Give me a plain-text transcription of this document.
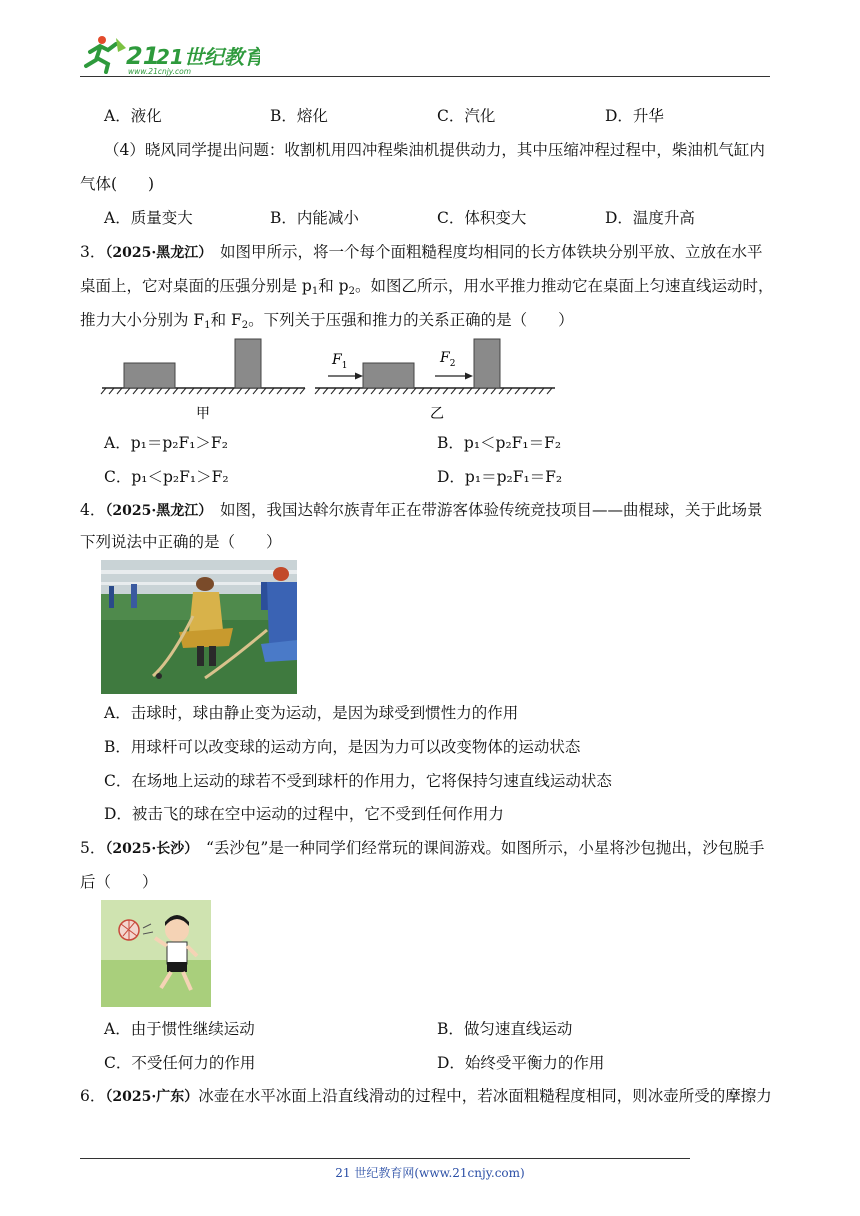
21
21世纪教育
www.21cnjy.com
A．液化	B．熔化	C．汽化	D．升华
（4）晓风同学提出问题：收割机用四冲程柴油机提供动力，其中压缩冲程过程中，柴油机气缸内
气体(　　)
A．质量变大	B．内能减小	C．体积变大	D．温度升高
3．（2025·黑龙江）  如图甲所示，将一个每个面粗糙程度均相同的长方体铁块分别平放、立放在水平
桌面上，它对桌面的压强分别是 $p_1$和 $p_2$。如图乙所示，用水平推力推动它在桌面上匀速直线运动时，
推力大小分别为 $F_1$和 $F_2$。下列关于压强和推力的关系正确的是（　　）
甲
$F_1$	$F_2$
乙
A．p₁＝p₂F₁＞F₂	B．p₁＜p₂F₁＝F₂
C．p₁＜p₂F₁＞F₂	D．p₁＝p₂F₁＝F₂
4．（2025·黑龙江）  如图，我国达斡尔族青年正在带游客体验传统竞技项目——曲棍球，关于此场景
下列说法中正确的是（　　）
A．击球时，球由静止变为运动，是因为球受到惯性力的作用
B．用球杆可以改变球的运动方向，是因为力可以改变物体的运动状态
C．在场地上运动的球若不受到球杆的作用力，它将保持匀速直线运动状态
D．被击飞的球在空中运动的过程中，它不受到任何作用力
5．（2025·长沙）  “丢沙包”是一种同学们经常玩的课间游戏。如图所示，小星将沙包抛出，沙包脱手
后（　　）
A．由于惯性继续运动	B．做匀速直线运动
C．不受任何力的作用	D．始终受平衡力的作用
6．（2025·广东）冰壶在水平冰面上沿直线滑动的过程中，若冰面粗糙程度相同，则冰壶所受的摩擦力
21 世纪教育网(www.21cnjy.com)
